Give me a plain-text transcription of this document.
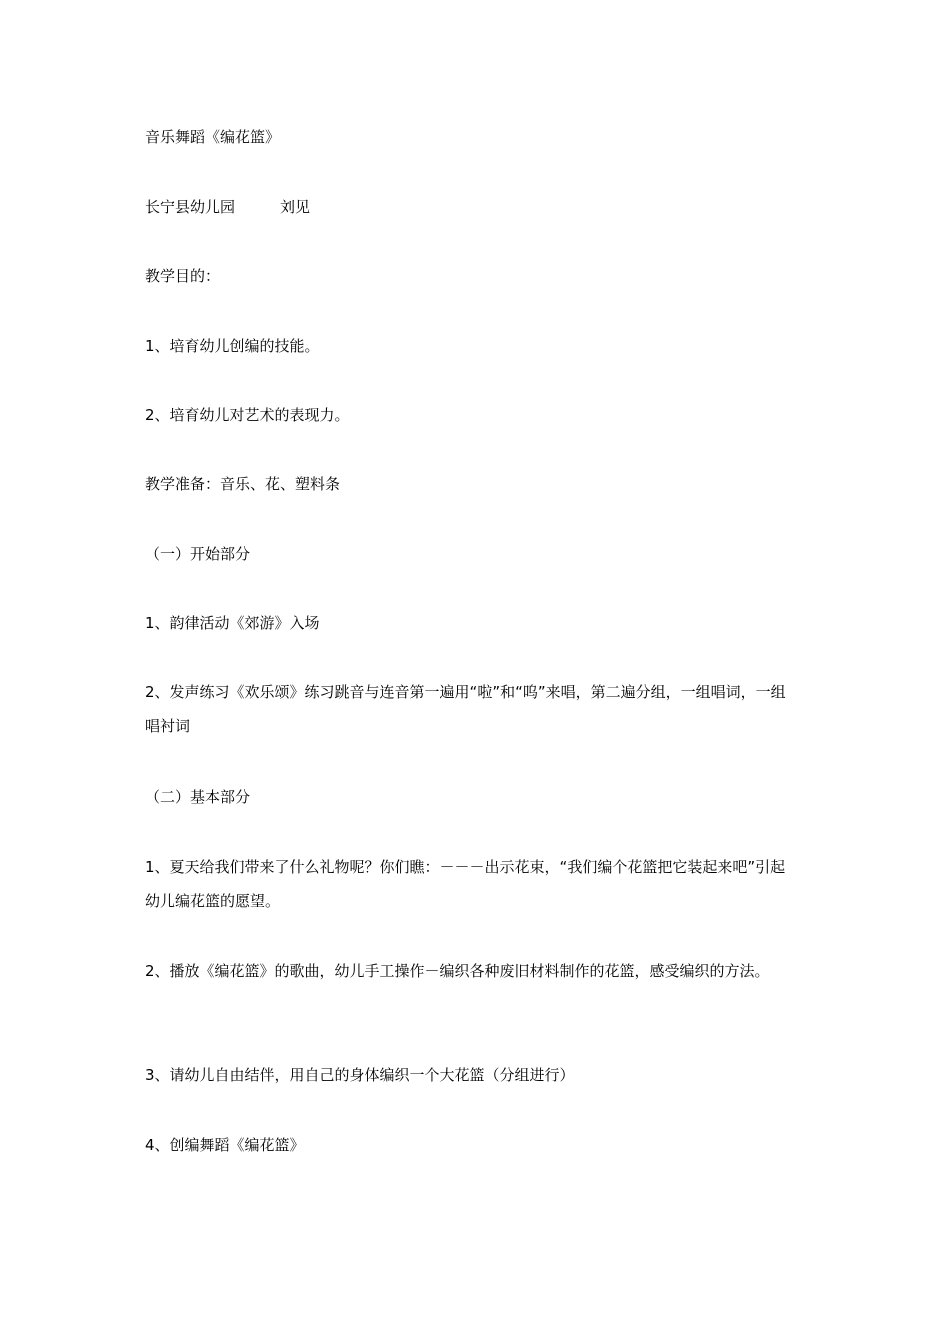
音乐舞蹈《编花篮》

长宁县幼儿园　　　刘见

教学目的：

1、培育幼儿创编的技能。

2、培育幼儿对艺术的表现力。

教学准备：音乐、花、塑料条

（一）开始部分

1、韵律活动《郊游》入场

2、发声练习《欢乐颂》练习跳音与连音第一遍用“啦”和“呜”来唱，第二遍分组，一组唱词，一组唱衬词

（二）基本部分

1、夏天给我们带来了什么礼物呢？你们瞧：－－－出示花束，“我们编个花篮把它装起来吧”引起幼儿编花篮的愿望。

2、播放《编花篮》的歌曲，幼儿手工操作－编织各种废旧材料制作的花篮，感受编织的方法。

3、请幼儿自由结伴，用自己的身体编织一个大花篮（分组进行）

4、创编舞蹈《编花篮》
